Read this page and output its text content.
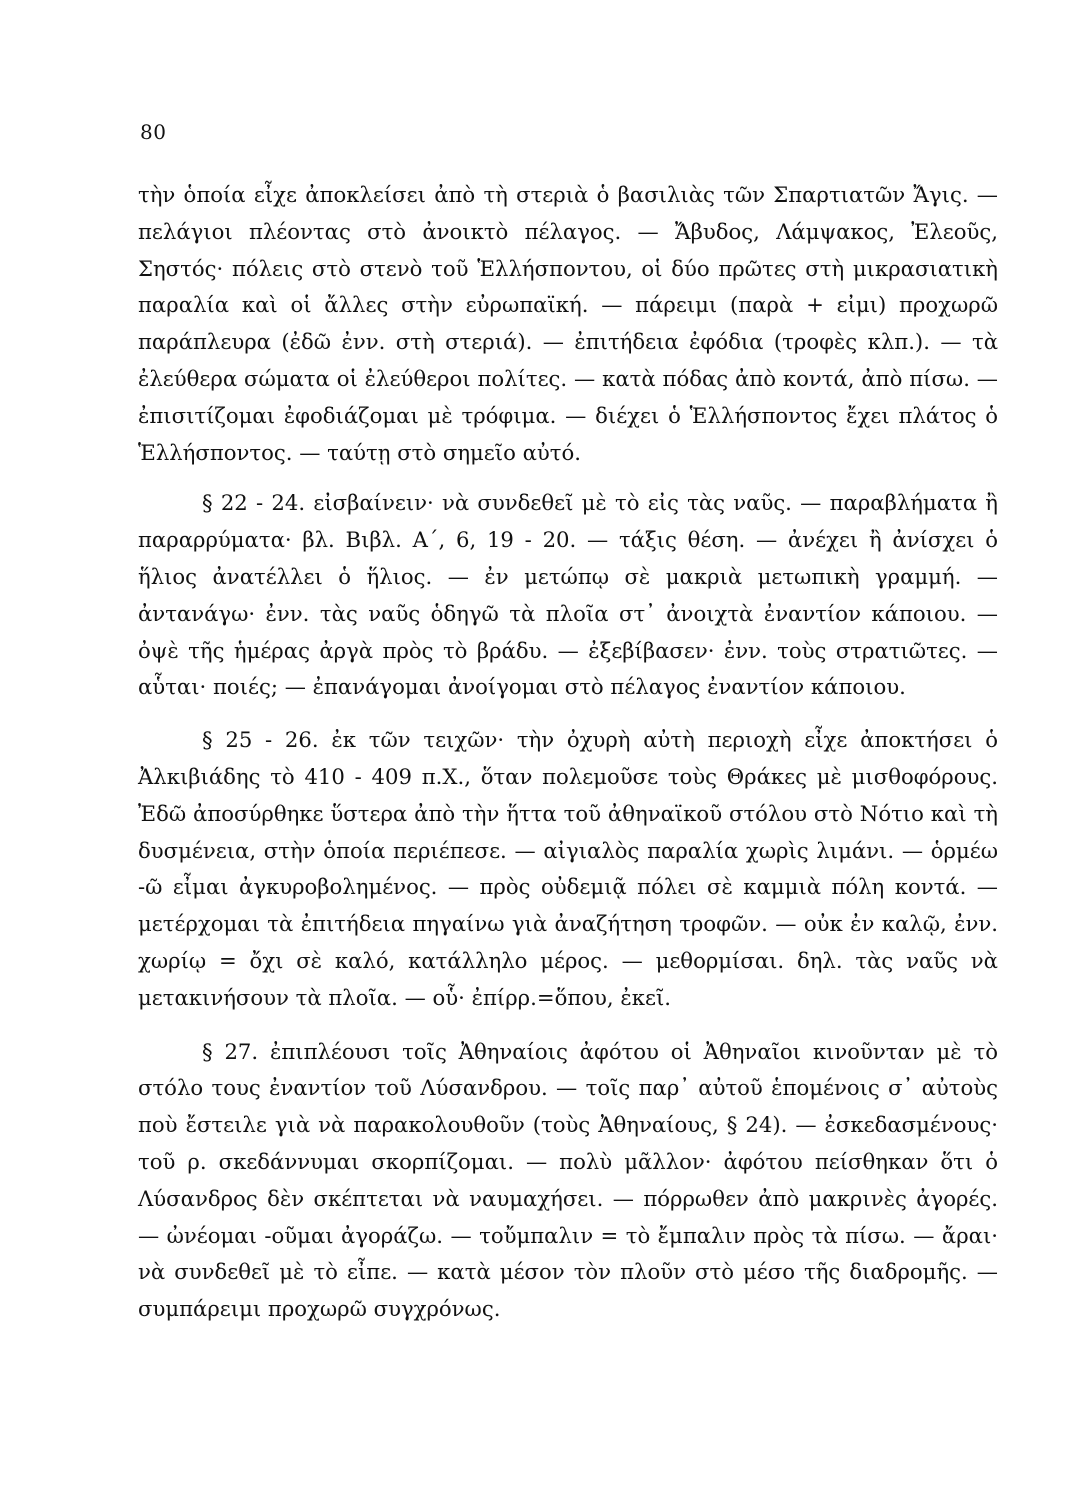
80

τὴν ὁποία εἶχε ἀποκλείσει ἀπὸ τὴ στεριὰ ὁ βασιλιὰς τῶν Σπαρτιατῶν Ἄγις. — πελάγιοι πλέοντας στὸ ἀνοικτὸ πέλαγος. — Ἄβυδος, Λάμψακος, Ἐλεοῦς, Σηστός· πόλεις στὸ στενὸ τοῦ Ἑλλήσποντου, οἱ δύο πρῶτες στὴ μικρασιατικὴ παραλία καὶ οἱ ἄλλες στὴν εὐρωπαϊκή. — πάρειμι (παρὰ + εἰμι) προχωρῶ παράπλευρα (ἐδῶ ἐνν. στὴ στεριά). — ἐπιτήδεια ἐφόδια (τροφὲς κλπ.). — τὰ ἐλεύθερα σώματα οἱ ἐλεύθεροι πολίτες. — κατὰ πόδας ἀπὸ κοντά, ἀπὸ πίσω. — ἐπισιτίζομαι ἐφοδιάζομαι μὲ τρόφιμα. — διέχει ὁ Ἑλλήσποντος ἔχει πλάτος ὁ Ἑλλήσποντος. — ταύτῃ στὸ σημεῖο αὐτό.

§ 22 - 24. εἰσβαίνειν· νὰ συνδεθεῖ μὲ τὸ εἰς τὰς ναῦς. — παραβλήματα ἢ παραρρύματα· βλ. Βιβλ. Α΄, 6, 19 - 20. — τάξις θέση. — ἀνέχει ἢ ἀνίσχει ὁ ἥλιος ἀνατέλλει ὁ ἥλιος. — ἐν μετώπῳ σὲ μακριὰ μετωπικὴ γραμμή. — ἀντανάγω· ἐνν. τὰς ναῦς ὁδηγῶ τὰ πλοῖα στ᾿ ἀνοιχτὰ ἐναντίον κάποιου. — ὀψὲ τῆς ἡμέρας ἀργὰ πρὸς τὸ βράδυ. — ἐξεβίβασεν· ἐνν. τοὺς στρατιῶτες. — αὗται· ποιές; — ἐπανάγομαι ἀνοίγομαι στὸ πέλαγος ἐναντίον κάποιου.

§ 25 - 26. ἐκ τῶν τειχῶν· τὴν ὀχυρὴ αὐτὴ περιοχὴ εἶχε ἀποκτήσει ὁ Ἀλκιβιάδης τὸ 410 - 409 π.Χ., ὅταν πολεμοῦσε τοὺς Θράκες μὲ μισθοφόρους. Ἐδῶ ἀποσύρθηκε ὕστερα ἀπὸ τὴν ἥττα τοῦ ἀθηναϊκοῦ στόλου στὸ Νότιο καὶ τὴ δυσμένεια, στὴν ὁποία περιέπεσε. — αἰγιαλὸς παραλία χωρὶς λιμάνι. — ὁρμέω -ῶ εἶμαι ἀγκυροβολημένος. — πρὸς οὐδεμιᾷ πόλει σὲ καμμιὰ πόλη κοντά. — μετέρχομαι τὰ ἐπιτήδεια πηγαίνω γιὰ ἀναζήτηση τροφῶν. — οὐκ ἐν καλῷ, ἐνν. χωρίῳ = ὄχι σὲ καλό, κατάλληλο μέρος. — μεθορμίσαι. δηλ. τὰς ναῦς νὰ μετακινήσουν τὰ πλοῖα. — οὗ· ἐπίρρ.=ὅπου, ἐκεῖ.

§ 27. ἐπιπλέουσι τοῖς Ἀθηναίοις ἀφότου οἱ Ἀθηναῖοι κινοῦνταν μὲ τὸ στόλο τους ἐναντίον τοῦ Λύσανδρου. — τοῖς παρ᾿ αὐτοῦ ἑπομένοις σ᾿ αὐτοὺς ποὺ ἔστειλε γιὰ νὰ παρακολουθοῦν (τοὺς Ἀθηναίους, § 24). — ἐσκεδασμένους· τοῦ ρ. σκεδάννυμαι σκορπίζομαι. — πολὺ μᾶλλον· ἀφότου πείσθηκαν ὅτι ὁ Λύσανδρος δὲν σκέπτεται νὰ ναυμαχήσει. — πόρρωθεν ἀπὸ μακρινὲς ἀγορές. — ὠνέομαι -οῦμαι ἀγοράζω. — τοὔμπαλιν = τὸ ἔμπαλιν πρὸς τὰ πίσω. — ἄραι· νὰ συνδεθεῖ μὲ τὸ εἶπε. — κατὰ μέσον τὸν πλοῦν στὸ μέσο τῆς διαδρομῆς. — συμπάρειμι προχωρῶ συγχρόνως.
